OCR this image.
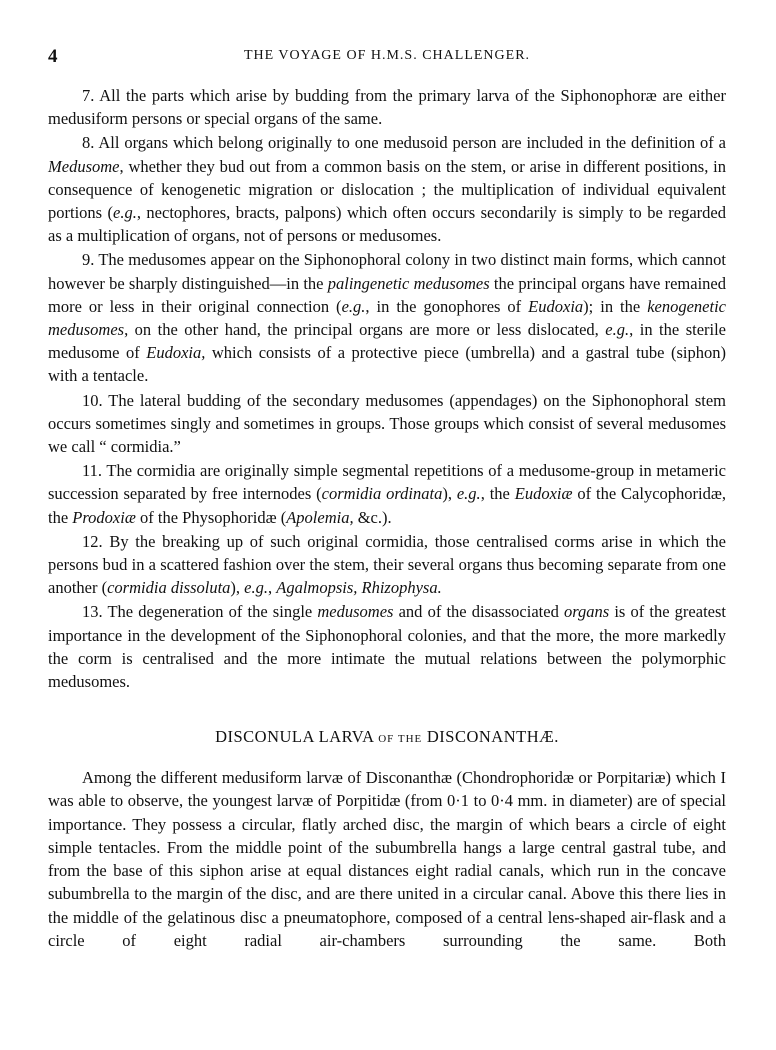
4	THE VOYAGE OF H.M.S. CHALLENGER.

7. All the parts which arise by budding from the primary larva of the Siphonophoræ are either medusiform persons or special organs of the same.

8. All organs which belong originally to one medusoid person are included in the definition of a Medusome, whether they bud out from a common basis on the stem, or arise in different positions, in consequence of kenogenetic migration or dislocation ; the multiplication of individual equivalent portions (e.g., nectophores, bracts, palpons) which often occurs secondarily is simply to be regarded as a multiplication of organs, not of persons or medusomes.

9. The medusomes appear on the Siphonophoral colony in two distinct main forms, which cannot however be sharply distinguished—in the palingenetic medusomes the principal organs have remained more or less in their original connection (e.g., in the gonophores of Eudoxia); in the kenogenetic medusomes, on the other hand, the principal organs are more or less dislocated, e.g., in the sterile medusome of Eudoxia, which consists of a protective piece (umbrella) and a gastral tube (siphon) with a tentacle.

10. The lateral budding of the secondary medusomes (appendages) on the Siphonophoral stem occurs sometimes singly and sometimes in groups. Those groups which consist of several medusomes we call “ cormidia.”

11. The cormidia are originally simple segmental repetitions of a medusome-group in metameric succession separated by free internodes (cormidia ordinata), e.g., the Eudoxiæ of the Calycophoridæ, the Prodoxiæ of the Physophoridæ (Apolemia, &c.).

12. By the breaking up of such original cormidia, those centralised corms arise in which the persons bud in a scattered fashion over the stem, their several organs thus becoming separate from one another (cormidia dissoluta), e.g., Agalmopsis, Rhizophysa.

13. The degeneration of the single medusomes and of the disassociated organs is of the greatest importance in the development of the Siphonophoral colonies, and that the more, the more markedly the corm is centralised and the more intimate the mutual relations between the polymorphic medusomes.

DISCONULA LARVA OF THE DISCONANTHÆ.

Among the different medusiform larvæ of Disconanthæ (Chondrophoridæ or Porpitariæ) which I was able to observe, the youngest larvæ of Porpitidæ (from 0·1 to 0·4 mm. in diameter) are of special importance. They possess a circular, flatly arched disc, the margin of which bears a circle of eight simple tentacles. From the middle point of the subumbrella hangs a large central gastral tube, and from the base of this siphon arise at equal distances eight radial canals, which run in the concave subumbrella to the margin of the disc, and are there united in a circular canal. Above this there lies in the middle of the gelatinous disc a pneumatophore, composed of a central lens-shaped air-flask and a circle of eight radial air-chambers surrounding the same. Both
